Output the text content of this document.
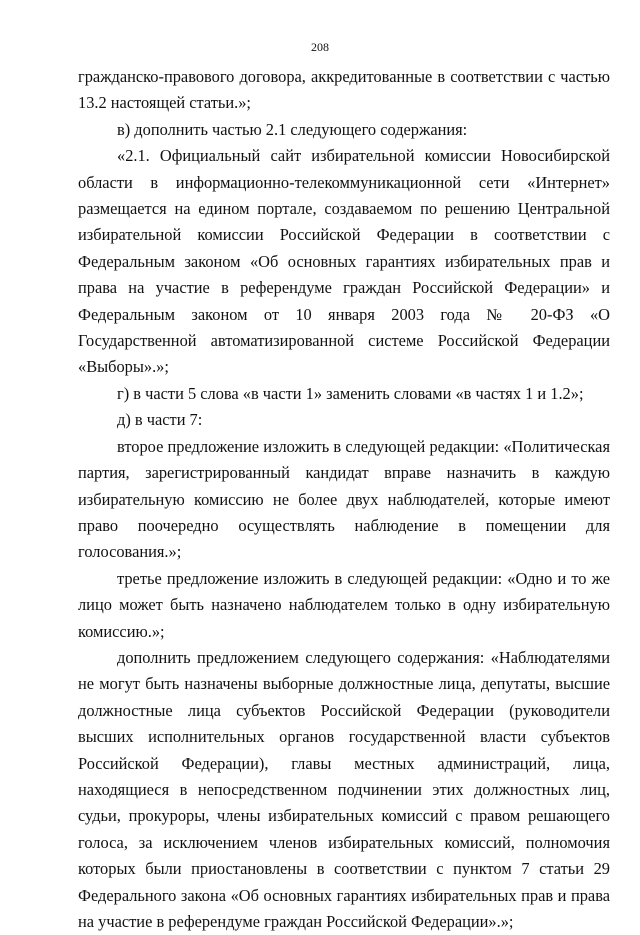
208

гражданско-правового договора, аккредитованные в соответствии с частью 13.2 настоящей статьи.»;

в) дополнить частью 2.1 следующего содержания:

«2.1. Официальный сайт избирательной комиссии Новосибирской области в информационно-телекоммуникационной сети «Интернет» размещается на едином портале, создаваемом по решению Центральной избирательной комиссии Российской Федерации в соответствии с Федеральным законом «Об основных гарантиях избирательных прав и права на участие в референдуме граждан Российской Федерации» и Федеральным законом от 10 января 2003 года № 20-ФЗ «О Государственной автоматизированной системе Российской Федерации «Выборы».»;

г) в части 5 слова «в части 1» заменить словами «в частях 1 и 1.2»;

д) в части 7:

второе предложение изложить в следующей редакции: «Политическая партия, зарегистрированный кандидат вправе назначить в каждую избирательную комиссию не более двух наблюдателей, которые имеют право поочередно осуществлять наблюдение в помещении для голосования.»;

третье предложение изложить в следующей редакции: «Одно и то же лицо может быть назначено наблюдателем только в одну избирательную комиссию.»;

дополнить предложением следующего содержания: «Наблюдателями не могут быть назначены выборные должностные лица, депутаты, высшие должностные лица субъектов Российской Федерации (руководители высших исполнительных органов государственной власти субъектов Российской Федерации), главы местных администраций, лица, находящиеся в непосредственном подчинении этих должностных лиц, судьи, прокуроры, члены избирательных комиссий с правом решающего голоса, за исключением членов избирательных комиссий, полномочия которых были приостановлены в соответствии с пунктом 7 статьи 29 Федерального закона «Об основных гарантиях избирательных прав и права на участие в референдуме граждан Российской Федерации».»;
